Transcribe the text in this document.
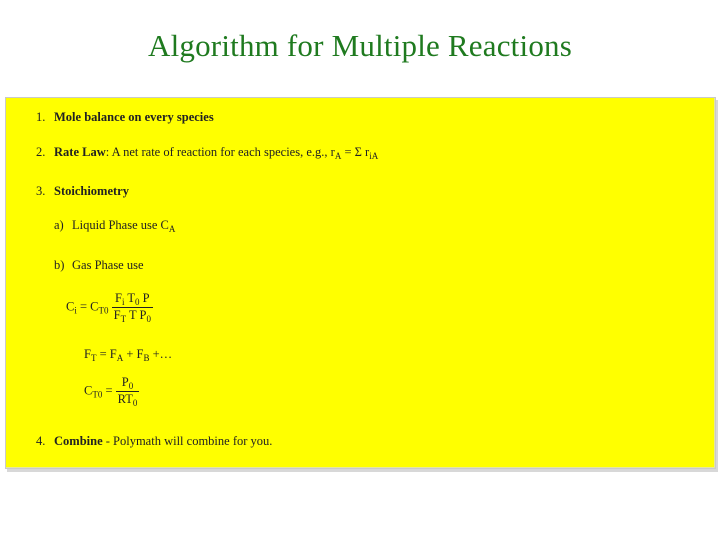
Algorithm for Multiple Reactions
1. Mole balance on every species
2. Rate Law: A net rate of reaction for each species, e.g., $r_A = \Sigma$ $r_{iA}$
3. Stoichiometry
a) Liquid Phase use $C_A$
b) Gas Phase use
$C_i = C_{T0} \frac{F_i T_0 P}{F_T T P_0}$
$F_T = F_A + F_B$ +…
$C_{T0} = \frac{P_0}{RT_0}$
4. Combine - Polymath will combine for you.
